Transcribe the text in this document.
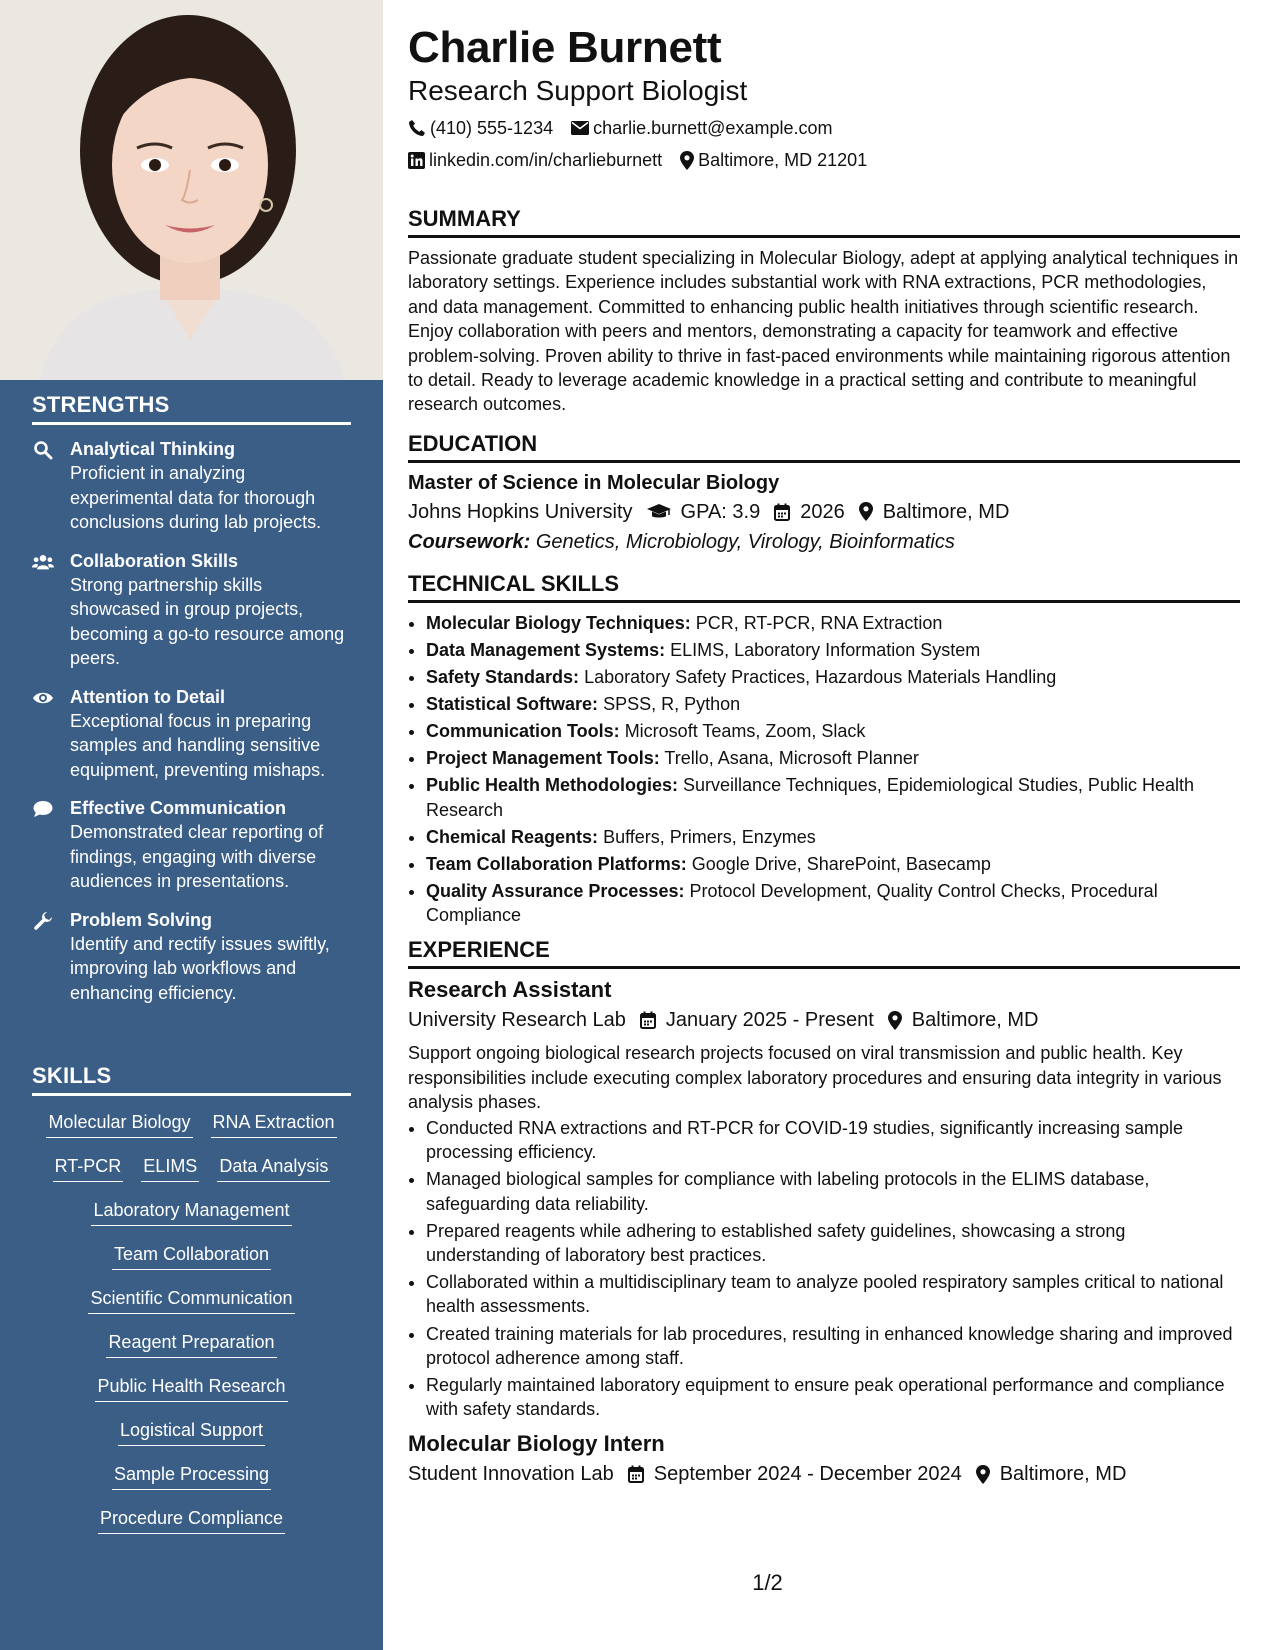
STRENGTHS
Analytical Thinking
Proficient in analyzing experimental data for thorough conclusions during lab projects.
Collaboration Skills
Strong partnership skills showcased in group projects, becoming a go-to resource among peers.
Attention to Detail
Exceptional focus in preparing samples and handling sensitive equipment, preventing mishaps.
Effective Communication
Demonstrated clear reporting of findings, engaging with diverse audiences in presentations.
Problem Solving
Identify and rectify issues swiftly, improving lab workflows and enhancing efficiency.
SKILLS
Molecular Biology RNA Extraction
RT-PCR ELIMS Data Analysis
Laboratory Management
Team Collaboration
Scientific Communication
Reagent Preparation
Public Health Research
Logistical Support
Sample Processing
Procedure Compliance
Charlie Burnett
Research Support Biologist
(410) 555-1234 charlie.burnett@example.com
linkedin.com/in/charlieburnett Baltimore, MD 21201
SUMMARY

Passionate graduate student specializing in Molecular Biology, adept at applying analytical techniques in laboratory settings. Experience includes substantial work with RNA extractions, PCR methodologies, and data management. Committed to enhancing public health initiatives through scientific research. Enjoy collaboration with peers and mentors, demonstrating a capacity for teamwork and effective problem-solving. Proven ability to thrive in fast-paced environments while maintaining rigorous attention to detail. Ready to leverage academic knowledge in a practical setting and contribute to meaningful research outcomes.

EDUCATION
Master of Science in Molecular Biology
Johns Hopkins University GPA: 3.9 2026 Baltimore, MD
Coursework: Genetics, Microbiology, Virology, Bioinformatics
TECHNICAL SKILLS
• Molecular Biology Techniques: PCR, RT-PCR, RNA Extraction
• Data Management Systems: ELIMS, Laboratory Information System
• Safety Standards: Laboratory Safety Practices, Hazardous Materials Handling
• Statistical Software: SPSS, R, Python
• Communication Tools: Microsoft Teams, Zoom, Slack
• Project Management Tools: Trello, Asana, Microsoft Planner
• Public Health Methodologies: Surveillance Techniques, Epidemiological Studies, Public Health Research
• Chemical Reagents: Buffers, Primers, Enzymes
• Team Collaboration Platforms: Google Drive, SharePoint, Basecamp
• Quality Assurance Processes: Protocol Development, Quality Control Checks, Procedural Compliance
EXPERIENCE
Research Assistant
University Research Lab January 2025 - Present Baltimore, MD

Support ongoing biological research projects focused on viral transmission and public health. Key responsibilities include executing complex laboratory procedures and ensuring data integrity in various analysis phases.

• Conducted RNA extractions and RT-PCR for COVID-19 studies, significantly increasing sample processing efficiency.
• Managed biological samples for compliance with labeling protocols in the ELIMS database, safeguarding data reliability.
• Prepared reagents while adhering to established safety guidelines, showcasing a strong understanding of laboratory best practices.
• Collaborated within a multidisciplinary team to analyze pooled respiratory samples critical to national health assessments.
• Created training materials for lab procedures, resulting in enhanced knowledge sharing and improved protocol adherence among staff.
• Regularly maintained laboratory equipment to ensure peak operational performance and compliance with safety standards.
Molecular Biology Intern
Student Innovation Lab September 2024 - December 2024 Baltimore, MD
1/2
